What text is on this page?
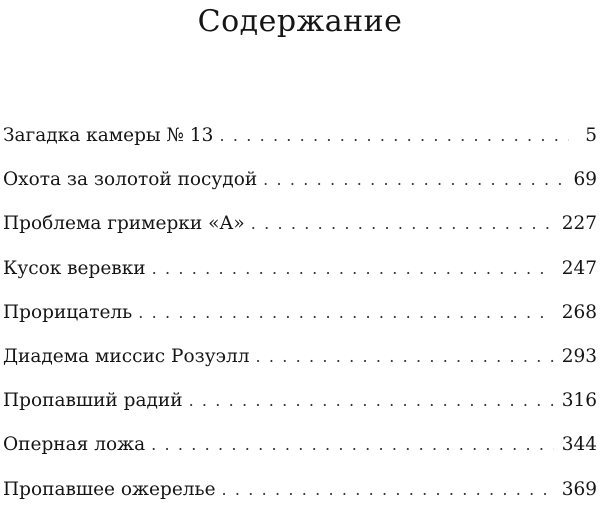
Содержание
Загадка камеры № 13 . . .	5
Охота за золотой посудой . . .	69
Проблема гримерки «А» . . .	227
Кусок веревки . . .	247
Прорицатель . . .	268
Диадема миссис Розуэлл . . .	293
Пропавший радий . . .	316
Оперная ложа . . .	344
Пропавшее ожерелье . . .	369
